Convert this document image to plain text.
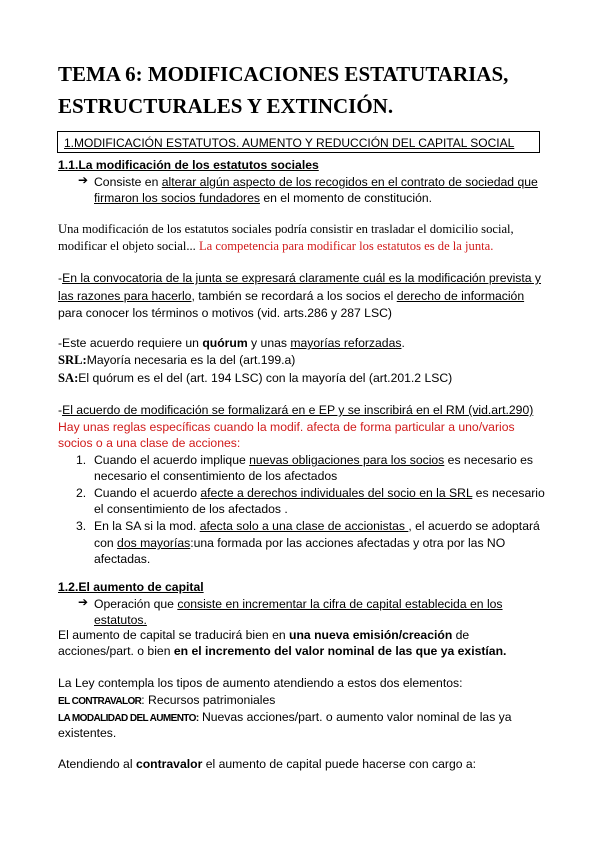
TEMA 6: MODIFICACIONES ESTATUTARIAS, ESTRUCTURALES Y EXTINCIÓN.
1.MODIFICACIÓN ESTATUTOS. AUMENTO Y REDUCCIÓN DEL CAPITAL SOCIAL
1.1.La modificación de los estatutos sociales
➔ Consiste en alterar algún aspecto de los recogidos en el contrato de sociedad que
firmaron los socios fundadores en el momento de constitución.
Una modificación de los estatutos sociales podría consistir en trasladar el domicilio social,
modificar el objeto social... La competencia para modificar los estatutos es de la junta.
-En la convocatoria de la junta se expresará claramente cuál es la modificación prevista y
las razones para hacerlo, también se recordará a los socios el derecho de información
para conocer los términos o motivos (vid. arts.286 y 287 LSC)
-Este acuerdo requiere un quórum y unas mayorías reforzadas.
SRL:Mayoría necesaria es la del (art.199.a)
SA:El quórum es el del (art. 194 LSC) con la mayoría del (art.201.2 LSC)
-El acuerdo de modificación se formalizará en e EP y se inscribirá en el RM (vid.art.290)
Hay unas reglas específicas cuando la modif. afecta de forma particular a uno/varios
socios o a una clase de acciones:
1. Cuando el acuerdo implique nuevas obligaciones para los socios es necesario es
necesario el consentimiento de los afectados
2. Cuando el acuerdo afecte a derechos individuales del socio en la SRL es necesario
el consentimiento de los afectados .
3. En la SA si la mod. afecta solo a una clase de accionistas , el acuerdo se adoptará
con dos mayorías:una formada por las acciones afectadas y otra por las NO
afectadas.
1.2.El aumento de capital
➔ Operación que consiste en incrementar la cifra de capital establecida en los
estatutos.
El aumento de capital se traducirá bien en una nueva emisión/creación de
acciones/part. o bien en el incremento del valor nominal de las que ya existían.
La Ley contempla los tipos de aumento atendiendo a estos dos elementos:
EL CONTRAVALOR: Recursos patrimoniales
LA MODALIDAD DEL AUMENTO: Nuevas acciones/part. o aumento valor nominal de las ya
existentes.
Atendiendo al contravalor el aumento de capital puede hacerse con cargo a:
